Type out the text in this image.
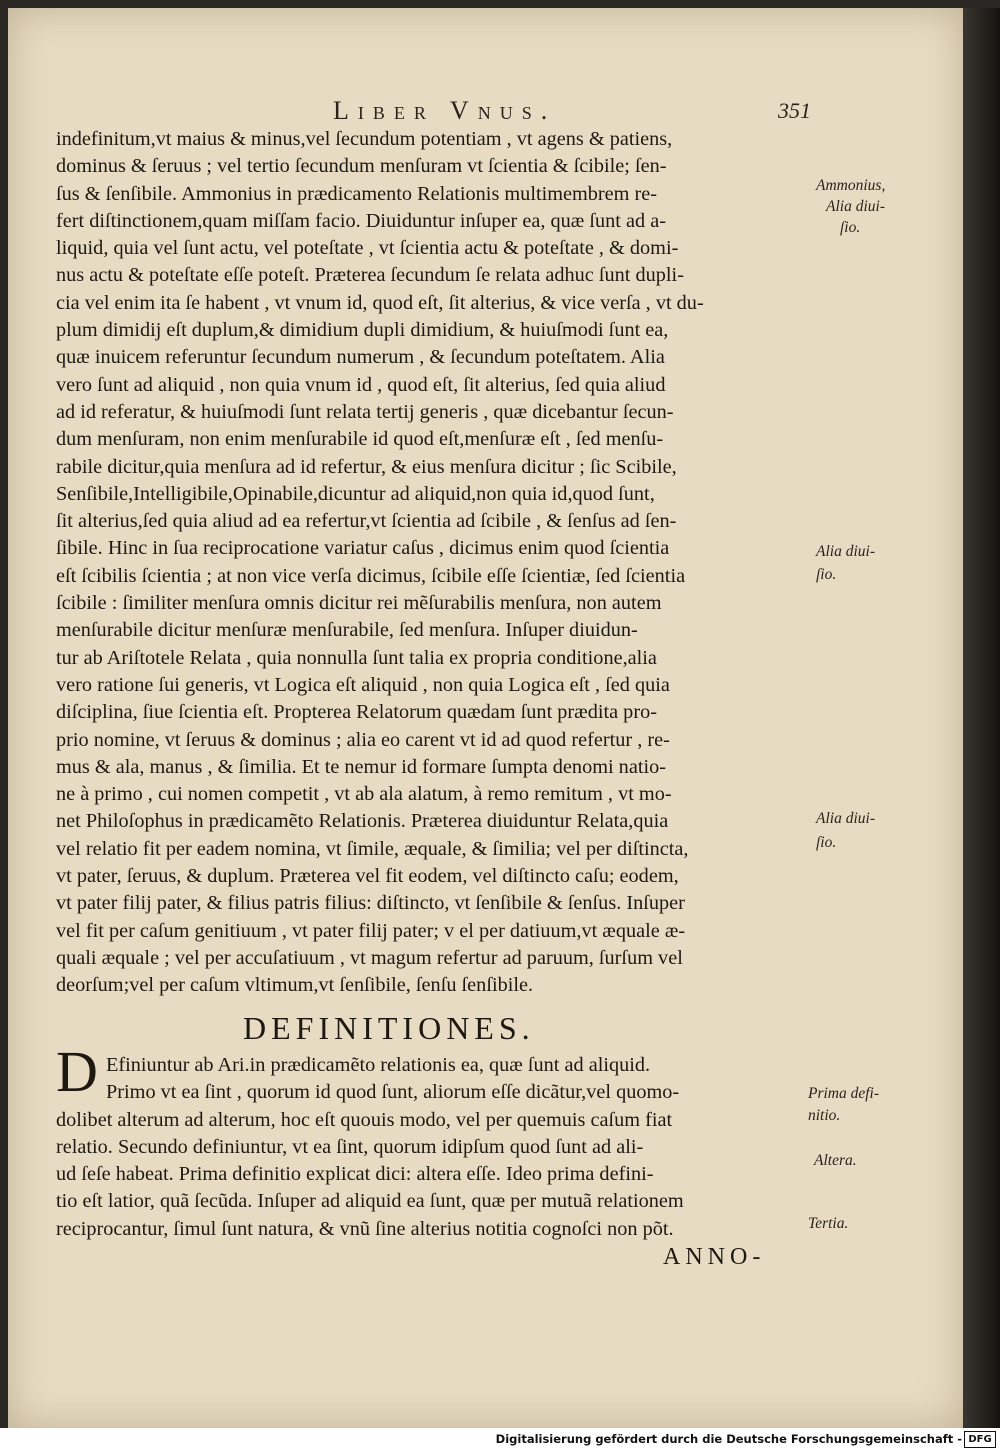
Liber Vnus.	351
indefinitum,vt maius & minus,vel ſecundum potentiam , vt agens & patiens,
dominus & ſeruus ; vel tertio ſecundum menſuram vt ſcientia & ſcibile; ſen-
ſus & ſenſibile. Ammonius in prædicamento Relationis multimembrem re-
fert diſtinctionem,quam miſſam facio. Diuiduntur inſuper ea, quæ ſunt ad a-
liquid, quia vel ſunt actu, vel poteſtate , vt ſcientia actu & poteſtate , & domi-
nus actu & poteſtate eſſe poteſt. Præterea ſecundum ſe relata adhuc ſunt dupli-
cia vel enim ita ſe habent , vt vnum id, quod eſt, ſit alterius, & vice verſa , vt du-
plum dimidij eſt duplum,& dimidium dupli dimidium, & huiuſmodi ſunt ea,
quæ inuicem referuntur ſecundum numerum , & ſecundum poteſtatem. Alia
vero ſunt ad aliquid , non quia vnum id , quod eſt, ſit alterius, ſed quia aliud
ad id referatur, & huiuſmodi ſunt relata tertij generis , quæ dicebantur ſecun-
dum menſuram, non enim menſurabile id quod eſt,menſuræ eſt , ſed menſu-
rabile dicitur,quia menſura ad id refertur, & eius menſura dicitur ; ſic Scibile,
Senſibile,Intelligibile,Opinabile,dicuntur ad aliquid,non quia id,quod ſunt,
ſit alterius,ſed quia aliud ad ea refertur,vt ſcientia ad ſcibile , & ſenſus ad ſen-
ſibile. Hinc in ſua reciprocatione variatur caſus , dicimus enim quod ſcientia
eſt ſcibilis ſcientia ; at non vice verſa dicimus, ſcibile eſſe ſcientiæ, ſed ſcientia
ſcibile : ſimiliter menſura omnis dicitur rei mẽſurabilis menſura, non autem
menſurabile dicitur menſuræ menſurabile, ſed menſura. Inſuper diuidun-
tur ab Ariſtotele Relata , quia nonnulla ſunt talia ex propria conditione,alia
vero ratione ſui generis, vt Logica eſt aliquid , non quia Logica eſt , ſed quia
diſciplina, ſiue ſcientia eſt. Propterea Relatorum quædam ſunt prædita pro-
prio nomine, vt ſeruus & dominus ; alia eo carent vt id ad quod refertur , re-
mus & ala, manus , & ſimilia. Et te nemur id formare ſumpta denomi natio-
ne à primo , cui nomen competit , vt ab ala alatum, à remo remitum , vt mo-
net Philoſophus in prædicamẽto Relationis. Præterea diuiduntur Relata,quia
vel relatio fit per eadem nomina, vt ſimile, æquale, & ſimilia; vel per diſtincta,
vt pater, ſeruus, & duplum. Præterea vel fit eodem, vel diſtincto caſu; eodem,
vt pater filij pater, & filius patris filius: diſtincto, vt ſenſibile & ſenſus. Inſuper
vel fit per caſum genitiuum , vt pater filij pater; v el per datiuum,vt æquale æ-
quali æquale ; vel per accuſatiuum , vt magum refertur ad paruum, ſurſum vel
deorſum;vel per caſum vltimum,vt ſenſibile, ſenſu ſenſibile.
DEFINITIONES.
D Efiniuntur ab Ari.in prædicamẽto relationis ea, quæ ſunt ad aliquid.
Primo vt ea ſint , quorum id quod ſunt, aliorum eſſe dicãtur,vel quomo-
dolibet alterum ad alterum, hoc eſt quouis modo, vel per quemuis caſum fiat
relatio. Secundo definiuntur, vt ea ſint, quorum idipſum quod ſunt ad ali-
ud ſeſe habeat. Prima definitio explicat dici: altera eſſe. Ideo prima defini-
tio eſt latior, quã ſecũda. Inſuper ad aliquid ea ſunt, quæ per mutuã relationem
reciprocantur, ſimul ſunt natura, & vnũ ſine alterius notitia cognoſci non põt.
ANNO-
Ammonius,
Alia diui-
ſio.
Alia diui-
ſio.
Alia diui-
ſio.
Prima defi-
nitio.
Altera.
Tertia.
Digitalisierung gefördert durch die Deutsche Forschungsgemeinschaft - DFG
